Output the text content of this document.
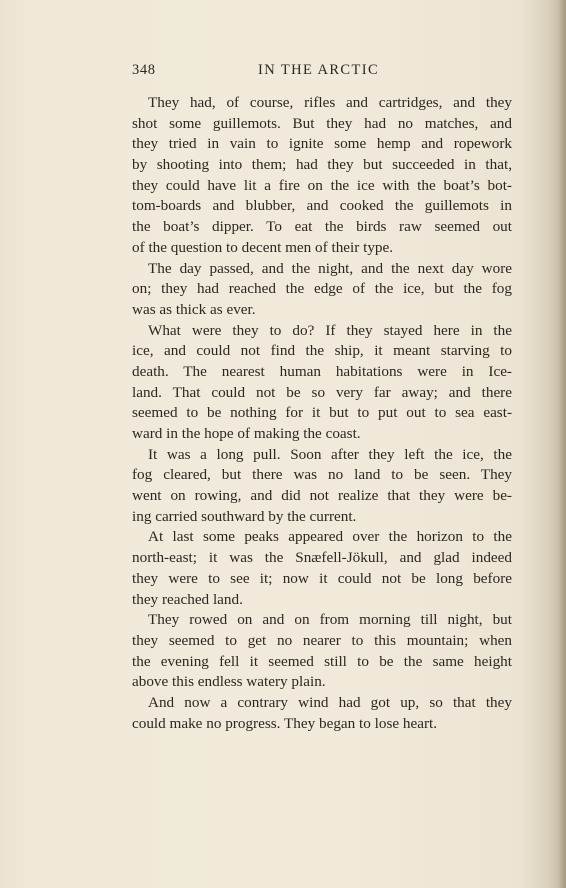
348	IN THE ARCTIC
They had, of course, rifles and cartridges, and they
shot some guillemots. But they had no matches, and
they tried in vain to ignite some hemp and ropework
by shooting into them; had they but succeeded in that,
they could have lit a fire on the ice with the boat’s bot-
tom-boards and blubber, and cooked the guillemots in
the boat’s dipper. To eat the birds raw seemed out
of the question to decent men of their type.
The day passed, and the night, and the next day wore
on; they had reached the edge of the ice, but the fog
was as thick as ever.
What were they to do? If they stayed here in the
ice, and could not find the ship, it meant starving to
death. The nearest human habitations were in Ice-
land. That could not be so very far away; and there
seemed to be nothing for it but to put out to sea east-
ward in the hope of making the coast.
It was a long pull. Soon after they left the ice, the
fog cleared, but there was no land to be seen. They
went on rowing, and did not realize that they were be-
ing carried southward by the current.
At last some peaks appeared over the horizon to the
north-east; it was the Snæfell-Jökull, and glad indeed
they were to see it; now it could not be long before
they reached land.
They rowed on and on from morning till night, but
they seemed to get no nearer to this mountain; when
the evening fell it seemed still to be the same height
above this endless watery plain.
And now a contrary wind had got up, so that they
could make no progress. They began to lose heart.
